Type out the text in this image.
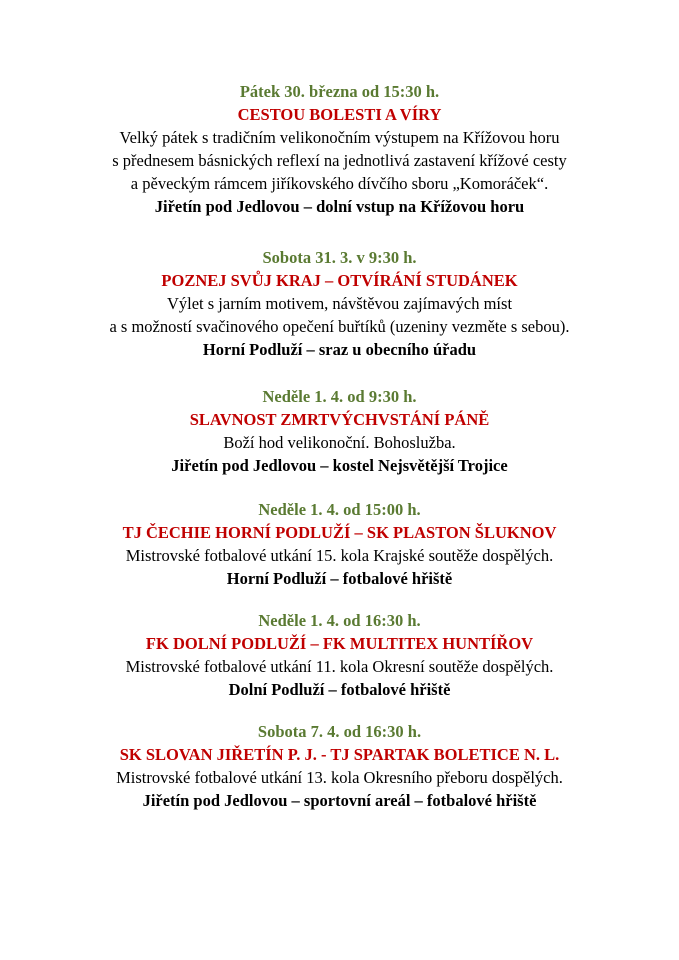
Pátek 30. března od 15:30 h.
CESTOU BOLESTI A VÍRY
Velký pátek s tradičním velikonočním výstupem na Křížovou horu
s přednesem básnických reflexí na jednotlivá zastavení křížové cesty
a pěveckým rámcem jiříkovského dívčího sboru „Komoráček“.
Jiřetín pod Jedlovou – dolní vstup na Křížovou horu
Sobota 31. 3. v 9:30 h.
POZNEJ SVŮJ KRAJ – OTVÍRÁNÍ STUDÁNEK
Výlet s jarním motivem, návštěvou zajímavých míst
a s možností svačinového opečení buřtíků (uzeniny vezměte s sebou).
Horní Podluží – sraz u obecního úřadu
Neděle 1. 4. od 9:30 h.
SLAVNOST ZMRTVÝCHVSTÁNÍ PÁNĚ
Boží hod velikonoční. Bohoslužba.
Jiřetín pod Jedlovou – kostel Nejsvětější Trojice
Neděle 1. 4. od 15:00 h.
TJ ČECHIE HORNÍ PODLUŽÍ – SK PLASTON ŠLUKNOV
Mistrovské fotbalové utkání 15. kola Krajské soutěže dospělých.
Horní Podluží – fotbalové hřiště
Neděle 1. 4. od 16:30 h.
FK DOLNÍ PODLUŽÍ – FK MULTITEX HUNTÍŘOV
Mistrovské fotbalové utkání 11. kola Okresní soutěže dospělých.
Dolní Podluží – fotbalové hřiště
Sobota 7. 4. od 16:30 h.
SK SLOVAN JIŘETÍN P. J. - TJ SPARTAK BOLETICE N. L.
Mistrovské fotbalové utkání 13. kola Okresního přeboru dospělých.
Jiřetín pod Jedlovou – sportovní areál – fotbalové hřiště
